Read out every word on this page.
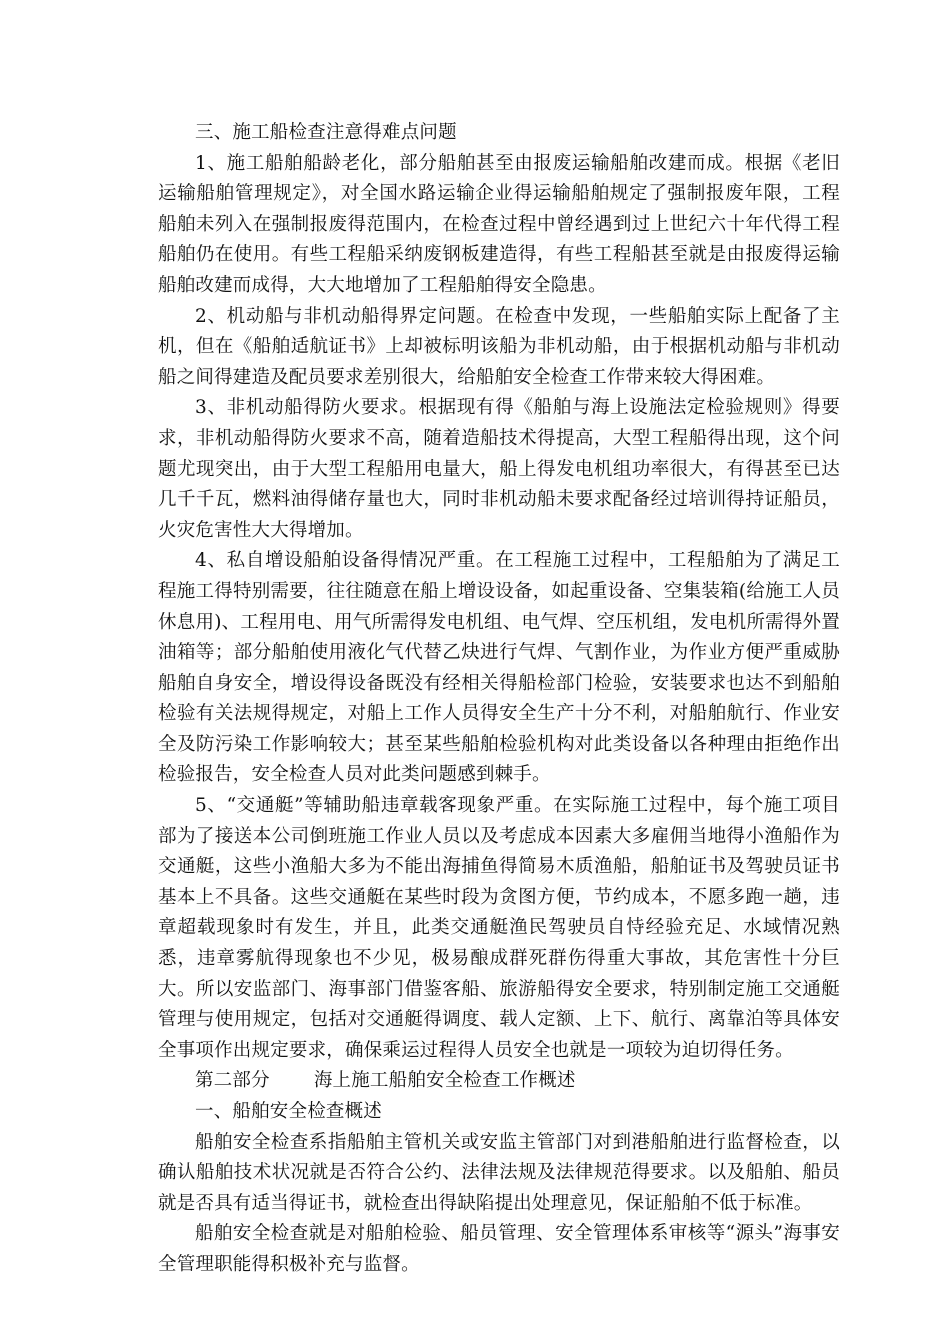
三、施工船检查注意得难点问题

1、施工船舶船龄老化，部分船舶甚至由报废运输船舶改建而成。根据《老旧运输船舶管理规定》，对全国水路运输企业得运输船舶规定了强制报废年限，工程船舶未列入在强制报废得范围内，在检查过程中曾经遇到过上世纪六十年代得工程船舶仍在使用。有些工程船采纳废钢板建造得，有些工程船甚至就是由报废得运输船舶改建而成得，大大地增加了工程船舶得安全隐患。

2、机动船与非机动船得界定问题。在检查中发现，一些船舶实际上配备了主机，但在《船舶适航证书》上却被标明该船为非机动船，由于根据机动船与非机动船之间得建造及配员要求差别很大，给船舶安全检查工作带来较大得困难。

3、非机动船得防火要求。根据现有得《船舶与海上设施法定检验规则》得要求，非机动船得防火要求不高，随着造船技术得提高，大型工程船得出现，这个问题尤现突出，由于大型工程船用电量大，船上得发电机组功率很大，有得甚至已达几千千瓦，燃料油得储存量也大，同时非机动船未要求配备经过培训得持证船员，火灾危害性大大得增加。

4、私自增设船舶设备得情况严重。在工程施工过程中，工程船舶为了满足工程施工得特别需要，往往随意在船上增设设备，如起重设备、空集装箱(给施工人员休息用)、工程用电、用气所需得发电机组、电气焊、空压机组，发电机所需得外置油箱等；部分船舶使用液化气代替乙炔进行气焊、气割作业，为作业方便严重威胁船舶自身安全，增设得设备既没有经相关得船检部门检验，安装要求也达不到船舶检验有关法规得规定，对船上工作人员得安全生产十分不利，对船舶航行、作业安全及防污染工作影响较大；甚至某些船舶检验机构对此类设备以各种理由拒绝作出检验报告，安全检查人员对此类问题感到棘手。

5、“交通艇”等辅助船违章载客现象严重。在实际施工过程中，每个施工项目部为了接送本公司倒班施工作业人员以及考虑成本因素大多雇佣当地得小渔船作为交通艇，这些小渔船大多为不能出海捕鱼得简易木质渔船，船舶证书及驾驶员证书基本上不具备。这些交通艇在某些时段为贪图方便，节约成本，不愿多跑一趟，违章超载现象时有发生，并且，此类交通艇渔民驾驶员自恃经验充足、水域情况熟悉，违章雾航得现象也不少见，极易酿成群死群伤得重大事故，其危害性十分巨大。所以安监部门、海事部门借鉴客船、旅游船得安全要求，特别制定施工交通艇管理与使用规定，包括对交通艇得调度、载人定额、上下、航行、离靠泊等具体安全事项作出规定要求，确保乘运过程得人员安全也就是一项较为迫切得任务。

第二部分 海上施工船舶安全检查工作概述

一、船舶安全检查概述

船舶安全检查系指船舶主管机关或安监主管部门对到港船舶进行监督检查，以确认船舶技术状况就是否符合公约、法律法规及法律规范得要求。以及船舶、船员就是否具有适当得证书，就检查出得缺陷提出处理意见，保证船舶不低于标准。

船舶安全检查就是对船舶检验、船员管理、安全管理体系审核等“源头”海事安全管理职能得积极补充与监督。
